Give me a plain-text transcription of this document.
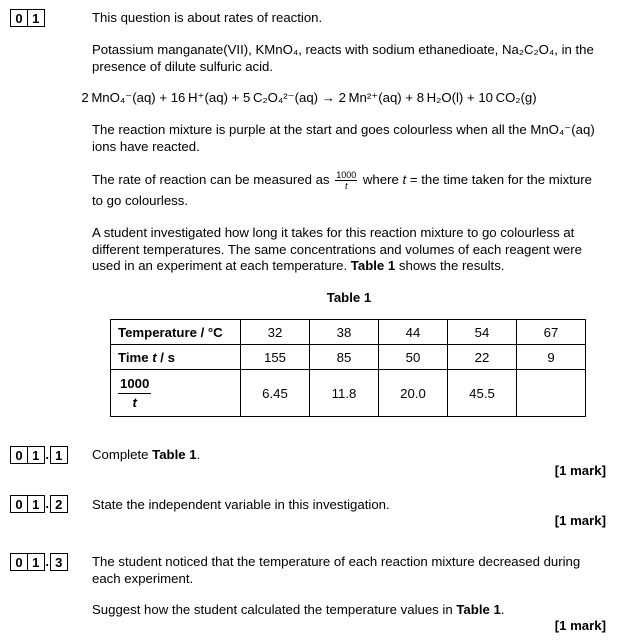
0 1	This question is about rates of reaction.
Potassium manganate(VII), KMnO₄, reacts with sodium ethanedioate, Na₂C₂O₄, in the presence of dilute sulfuric acid.
2 MnO₄⁻(aq) + 16 H⁺(aq) + 5 C₂O₄²⁻(aq) → 2 Mn²⁺(aq) + 8 H₂O(l) + 10 CO₂(g)
The reaction mixture is purple at the start and goes colourless when all the MnO₄⁻(aq) ions have reacted.
The rate of reaction can be measured as $\frac{1000}{t}$ where t = the time taken for the mixture
to go colourless.
A student investigated how long it takes for this reaction mixture to go colourless at different temperatures. The same concentrations and volumes of each reagent were used in an experiment at each temperature. Table 1 shows the results.
Table 1
Temperature / °C	32	38	44	54	67
Time t / s	155	85	50	22	9

$\frac{1000}{t}$	6.45	11.8	20.0	45.5	
0 1 . 1	Complete Table 1.
[1 mark]
0 1 . 2	State the independent variable in this investigation.
[1 mark]
0 1 . 3	The student noticed that the temperature of each reaction mixture decreased during each experiment.
Suggest how the student calculated the temperature values in Table 1.
[1 mark]
